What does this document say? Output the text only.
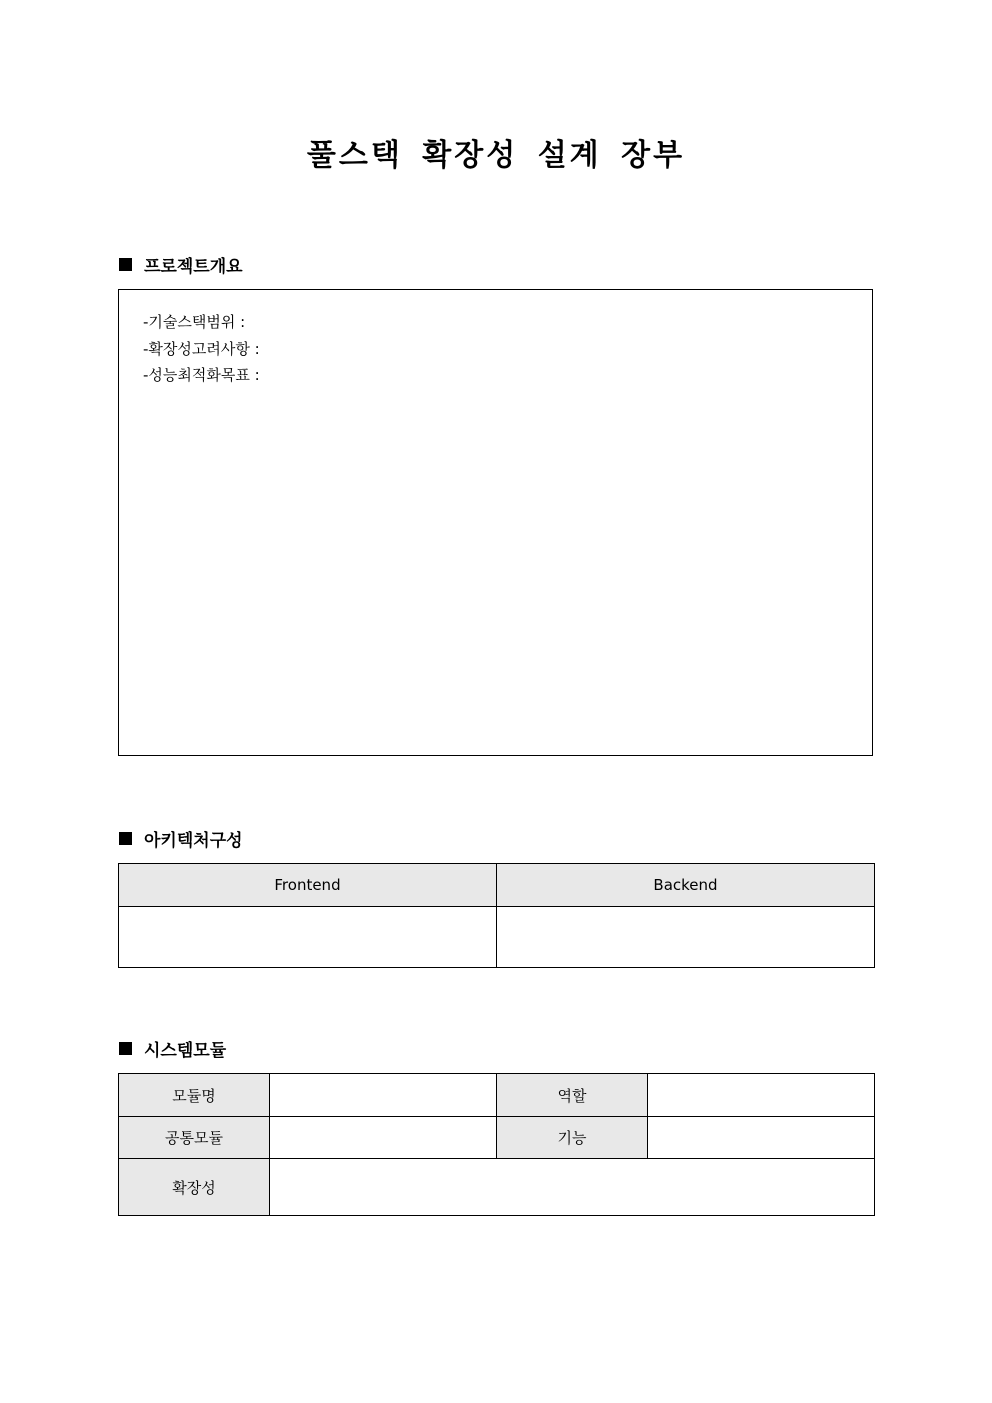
풀스택 확장성 설계 장부
프로젝트개요
-기술스택범위 :
-확장성고려사항 :
-성능최적화목표 :
아키텍처구성
Frontend	Backend

시스템모듈
모듈명		역할	
공통모듈		기능	
확장성			
